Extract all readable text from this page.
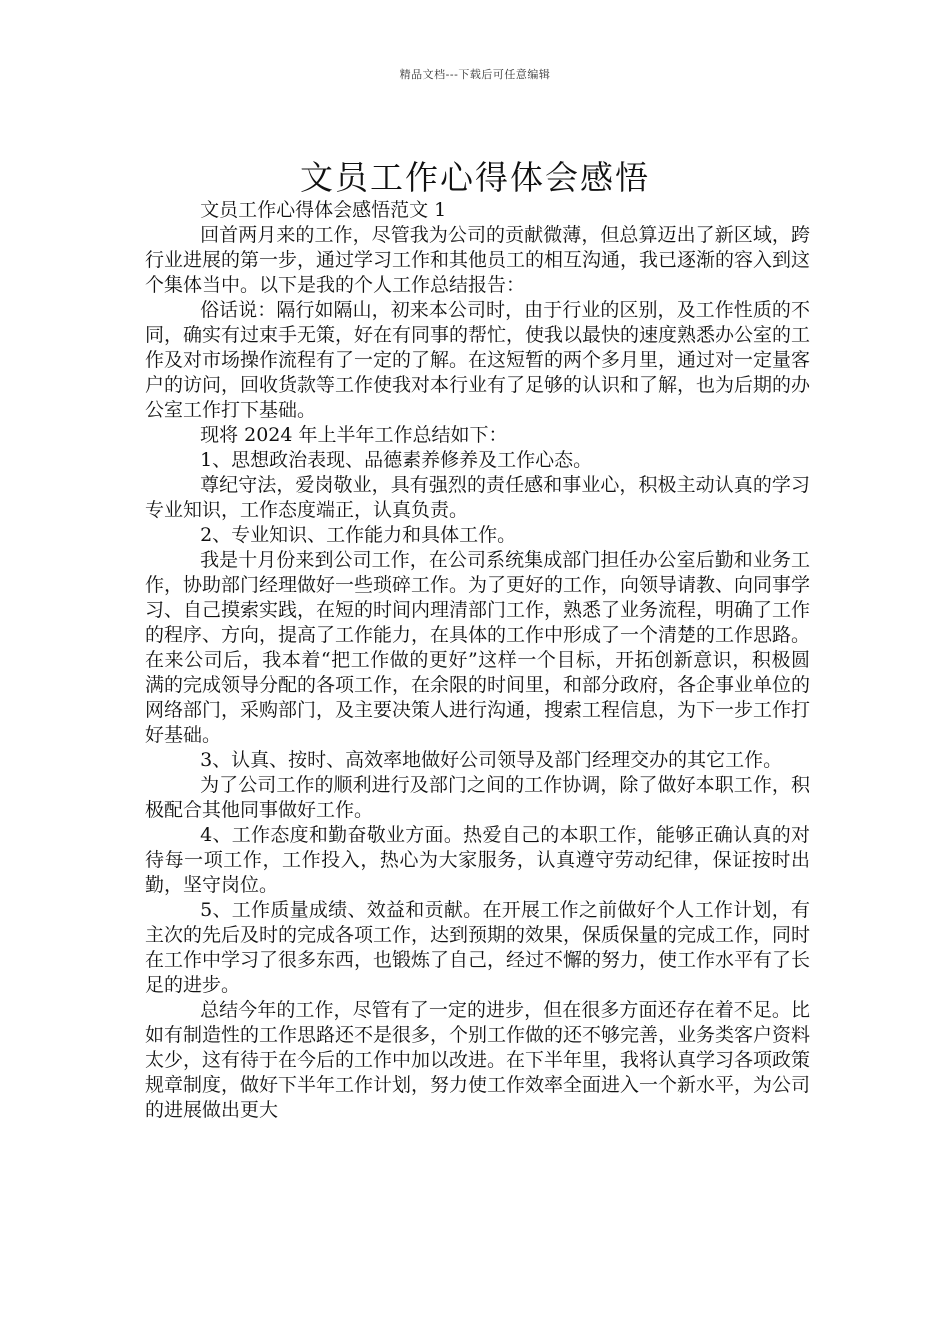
精品文档---下载后可任意编辑
文员工作心得体会感悟

文员工作心得体会感悟范文 1

回首两月来的工作，尽管我为公司的贡献微薄，但总算迈出了新区域，跨行业进展的第一步，通过学习工作和其他员工的相互沟通，我已逐渐的容入到这个集体当中。以下是我的个人工作总结报告：

俗话说：隔行如隔山，初来本公司时，由于行业的区别，及工作性质的不同，确实有过束手无策，好在有同事的帮忙，使我以最快的速度熟悉办公室的工作及对市场操作流程有了一定的了解。在这短暂的两个多月里，通过对一定量客户的访问，回收货款等工作使我对本行业有了足够的认识和了解，也为后期的办公室工作打下基础。

现将 2024 年上半年工作总结如下：

1、思想政治表现、品德素养修养及工作心态。

尊纪守法，爱岗敬业，具有强烈的责任感和事业心，积极主动认真的学习专业知识，工作态度端正，认真负责。

2、专业知识、工作能力和具体工作。

我是十月份来到公司工作，在公司系统集成部门担任办公室后勤和业务工作，协助部门经理做好一些琐碎工作。为了更好的工作，向领导请教、向同事学习、自己摸索实践，在短的时间内理清部门工作，熟悉了业务流程，明确了工作的程序、方向，提高了工作能力，在具体的工作中形成了一个清楚的工作思路。在来公司后，我本着“把工作做的更好”这样一个目标，开拓创新意识，积极圆满的完成领导分配的各项工作，在余限的时间里，和部分政府，各企事业单位的网络部门，采购部门，及主要决策人进行沟通，搜索工程信息，为下一步工作打好基础。

3、认真、按时、高效率地做好公司领导及部门经理交办的其它工作。

为了公司工作的顺利进行及部门之间的工作协调，除了做好本职工作，积极配合其他同事做好工作。

4、工作态度和勤奋敬业方面。热爱自己的本职工作，能够正确认真的对待每一项工作，工作投入，热心为大家服务，认真遵守劳动纪律，保证按时出勤，坚守岗位。

5、工作质量成绩、效益和贡献。在开展工作之前做好个人工作计划，有主次的先后及时的完成各项工作，达到预期的效果，保质保量的完成工作，同时在工作中学习了很多东西，也锻炼了自己，经过不懈的努力，使工作水平有了长足的进步。

总结今年的工作，尽管有了一定的进步，但在很多方面还存在着不足。比如有制造性的工作思路还不是很多，个别工作做的还不够完善，业务类客户资料太少，这有待于在今后的工作中加以改进。在下半年里，我将认真学习各项政策规章制度，做好下半年工作计划，努力使工作效率全面进入一个新水平，为公司的进展做出更大
